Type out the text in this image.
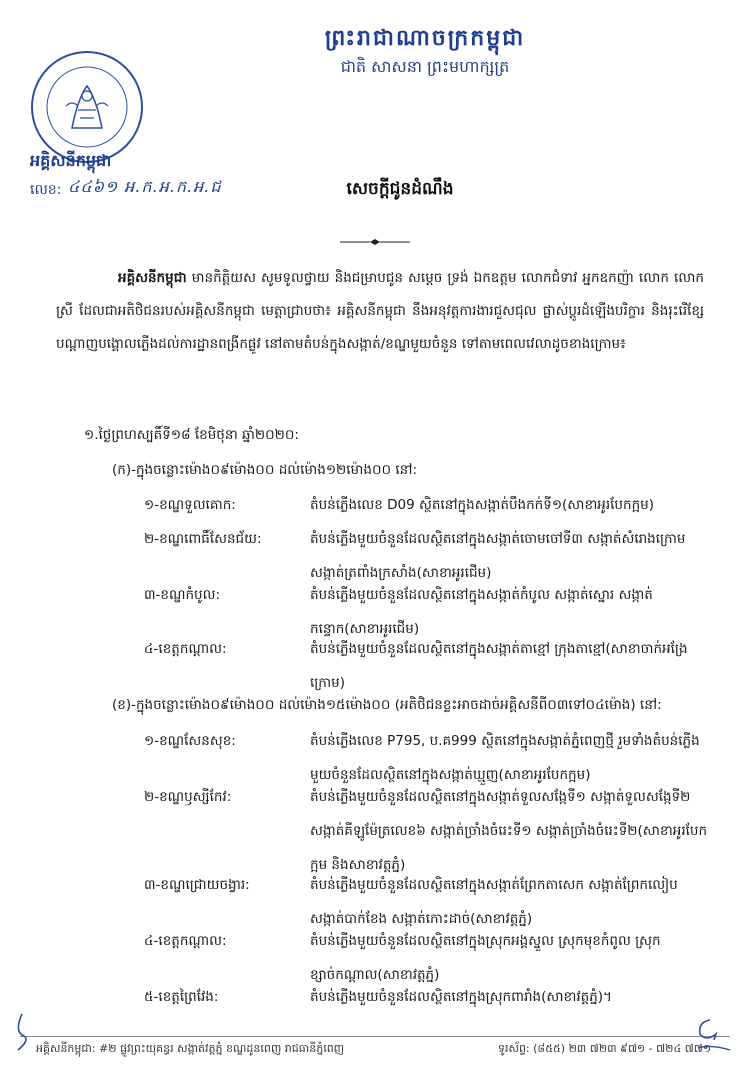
ព្រះរាជាណាចក្រកម្ពុជា
ជាតិ សាសនា ព្រះមហាក្សត្រ
អគ្គិសនីកម្ពុជា
លេខ: ៤៤៦១ អ.ក.អ.ក.អ.ជ	សេចក្ដីជូនដំណឹង
អគ្គិសនីកម្ពុជា មានកិត្តិយស សូមទូលថ្វាយ និងជម្រាបជូន សម្ដេច ទ្រង់ ឯកឧត្តម លោកជំទាវ អ្នកឧកញ៉ា លោក លោកស្រី ដែលជាអតិថិជនរបស់អគ្គិសនីកម្ពុជា មេត្តាជ្រាបថា៖ អគ្គិសនីកម្ពុជា នឹងអនុវត្តការងារជួសជុល ផ្លាស់ប្ដូរដំឡើងបរិក្ខារ និងរុះរើខ្សែបណ្ដាញបង្គោលភ្លើងដល់ការដ្ឋានពង្រីកផ្លូវ នៅតាមតំបន់ក្នុងសង្កាត់/ខណ្ឌមួយចំនួន ទៅតាមពេលវេលាដូចខាងក្រោម៖
១.ថ្ងៃព្រហស្បតិ៍ទី១៨ ខែមិថុនា ឆ្នាំ២០២០:
(ក)-ក្នុងចន្លោះម៉ោង០៩ម៉ោង០០ ដល់ម៉ោង១២ម៉ោង០០ នៅ:
១-ខណ្ឌទួលគោក:	តំបន់ភ្លើងលេខ D09 ស្ថិតនៅក្នុងសង្កាត់បឹងកក់ទី១(សាខាអូរបែកក្អម)
២-ខណ្ឌពោធិ៍សែនជ័យ:	តំបន់ភ្លើងមួយចំនួនដែលស្ថិតនៅក្នុងសង្កាត់ចោមចៅទី៣ សង្កាត់សំរោងក្រោម សង្កាត់ត្រពាំងក្រសាំង(សាខាអូរជើម)
៣-ខណ្ឌកំបូល:	តំបន់ភ្លើងមួយចំនួនដែលស្ថិតនៅក្នុងសង្កាត់កំបូល សង្កាត់ស្នោរ សង្កាត់កន្ទោក(សាខាអូរជើម)
៤-ខេត្តកណ្ដាល:	តំបន់ភ្លើងមួយចំនួនដែលស្ថិតនៅក្នុងសង្កាត់តាខ្មៅ ក្រុងតាខ្មៅ(សាខាចាក់អង្រែក្រោម)
(ខ)-ក្នុងចន្លោះម៉ោង០៩ម៉ោង០០ ដល់ម៉ោង១៥ម៉ោង០០ (អតិថិជនខ្លះអាចដាច់អគ្គិសនីពី០៣ទៅ០៤ម៉ោង) នៅ:
១-ខណ្ឌសែនសុខ:	តំបន់ភ្លើងលេខ P795, ប.គ999 ស្ថិតនៅក្នុងសង្កាត់ភ្នំពេញថ្មី រួមទាំងតំបន់ភ្លើងមួយចំនួនដែលស្ថិតនៅក្នុងសង្កាត់ឃ្មួញ(សាខាអូរបែកក្អម)
២-ខណ្ឌឫស្សីកែវ:	តំបន់ភ្លើងមួយចំនួនដែលស្ថិតនៅក្នុងសង្កាត់ទួលសង្កែទី១ សង្កាត់ទួលសង្កែទី២ សង្កាត់គីឡូម៉ែត្រលេខ៦ សង្កាត់ច្រាំងចំរេះទី១ សង្កាត់ច្រាំងចំរេះទី២(សាខាអូរបែកក្អម និងសាខាវត្តភ្នំ)
៣-ខណ្ឌជ្រោយចង្វារ:	តំបន់ភ្លើងមួយចំនួនដែលស្ថិតនៅក្នុងសង្កាត់ព្រែកតាសេក សង្កាត់ព្រែកលៀប សង្កាត់បាក់ខែង សង្កាត់កោះដាច់(សាខាវត្តភ្នំ)
៤-ខេត្តកណ្ដាល:	តំបន់ភ្លើងមួយចំនួនដែលស្ថិតនៅក្នុងស្រុកអង្គស្នួល ស្រុកមុខកំពូល ស្រុកខ្សាច់កណ្ដាល(សាខាវត្តភ្នំ)
៥-ខេត្តព្រៃវែង:	តំបន់ភ្លើងមួយចំនួនដែលស្ថិតនៅក្នុងស្រុកពារាំង(សាខាវត្តភ្នំ)។
អគ្គិសនីកម្ពុជា: #២ ផ្លូវព្រះយុគន្ធរ សង្កាត់វត្តភ្នំ ខណ្ឌដូនពេញ រាជធានីភ្នំពេញ	ទូរស័ព្ទ: (៨៥៥) ២៣ ៧២៣ ៩៧១ - ៧២៤ ៧៧១
